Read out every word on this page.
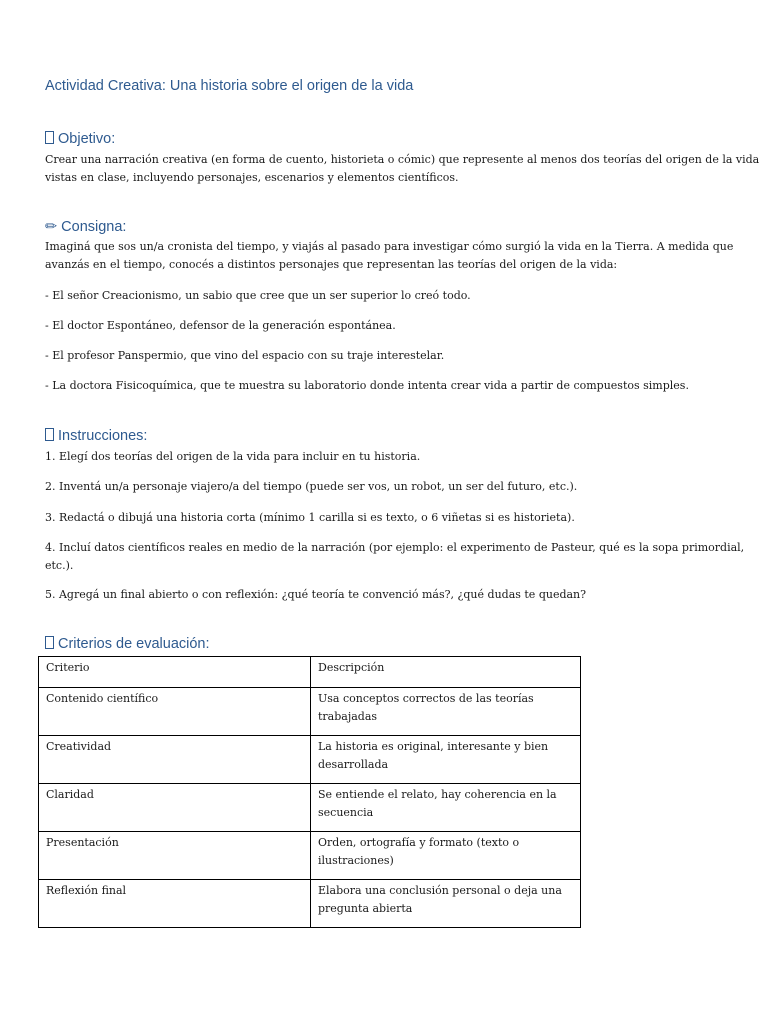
Actividad Creativa: Una historia sobre el origen de la vida
Objetivo:
Crear una narración creativa (en forma de cuento, historieta o cómic) que represente al menos dos teorías del origen de la vida
vistas en clase, incluyendo personajes, escenarios y elementos científicos.
✏ Consigna:
Imaginá que sos un/a cronista del tiempo, y viajás al pasado para investigar cómo surgió la vida en la Tierra. A medida que
avanzás en el tiempo, conocés a distintos personajes que representan las teorías del origen de la vida:
- El señor Creacionismo, un sabio que cree que un ser superior lo creó todo.
- El doctor Espontáneo, defensor de la generación espontánea.
- El profesor Panspermio, que vino del espacio con su traje interestelar.
- La doctora Fisicoquímica, que te muestra su laboratorio donde intenta crear vida a partir de compuestos simples.
Instrucciones:
1. Elegí dos teorías del origen de la vida para incluir en tu historia.
2. Inventá un/a personaje viajero/a del tiempo (puede ser vos, un robot, un ser del futuro, etc.).
3. Redactá o dibujá una historia corta (mínimo 1 carilla si es texto, o 6 viñetas si es historieta).
4. Incluí datos científicos reales en medio de la narración (por ejemplo: el experimento de Pasteur, qué es la sopa primordial,
etc.).
5. Agregá un final abierto o con reflexión: ¿qué teoría te convenció más?, ¿qué dudas te quedan?
Criterios de evaluación:
Criterio	Descripción
Contenido científico	Usa conceptos correctos de las teorías trabajadas
Creatividad	La historia es original, interesante y bien desarrollada
Claridad	Se entiende el relato, hay coherencia en la secuencia
Presentación	Orden, ortografía y formato (texto o ilustraciones)
Reflexión final	Elabora una conclusión personal o deja una pregunta abierta
